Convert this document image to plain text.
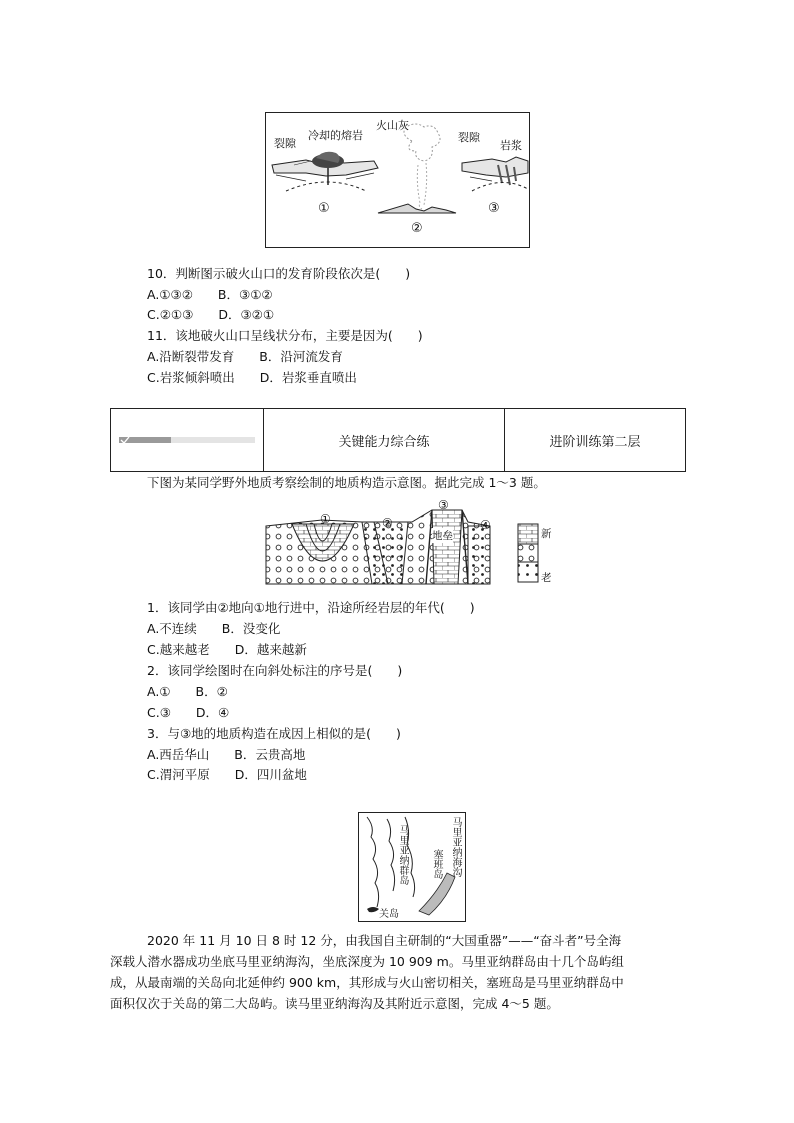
裂隙
冷却的熔岩
火山灰
裂隙
岩浆
①
②
③
10．判断图示破火山口的发育阶段依次是(　　)
A.①③②　　B．③①②
C.②①③　　D．③②①
11．该地破火山口呈线状分布，主要是因为(　　)
A.沿断裂带发育　　B．沿河流发育
C.岩浆倾斜喷出　　D．岩浆垂直喷出
关键能力综合练	进阶训练第二层
下图为某同学野外地质考察绘制的地质构造示意图。据此完成 1～3 题。
①	②
③
④
地垒	新
老
1．该同学由②地向①地行进中，沿途所经岩层的年代(　　)
A.不连续　　B．没变化
C.越来越老　　D．越来越新
2．该同学绘图时在向斜处标注的序号是(　　)
A.①　　B．②
C.③　　D．④
3．与③地的地质构造在成因上相似的是(　　)
A.西岳华山　　B．云贵高地
C.渭河平原　　D．四川盆地
马里亚纳海沟
马里亚纳群岛 塞班岛
关岛
2020 年 11 月 10 日 8 时 12 分，由我国自主研制的“大国重器”——“奋斗者”号全海
深载人潜水器成功坐底马里亚纳海沟，坐底深度为 10 909 m。马里亚纳群岛由十几个岛屿组
成，从最南端的关岛向北延伸约 900 km，其形成与火山密切相关，塞班岛是马里亚纳群岛中
面积仅次于关岛的第二大岛屿。读马里亚纳海沟及其附近示意图，完成 4～5 题。
